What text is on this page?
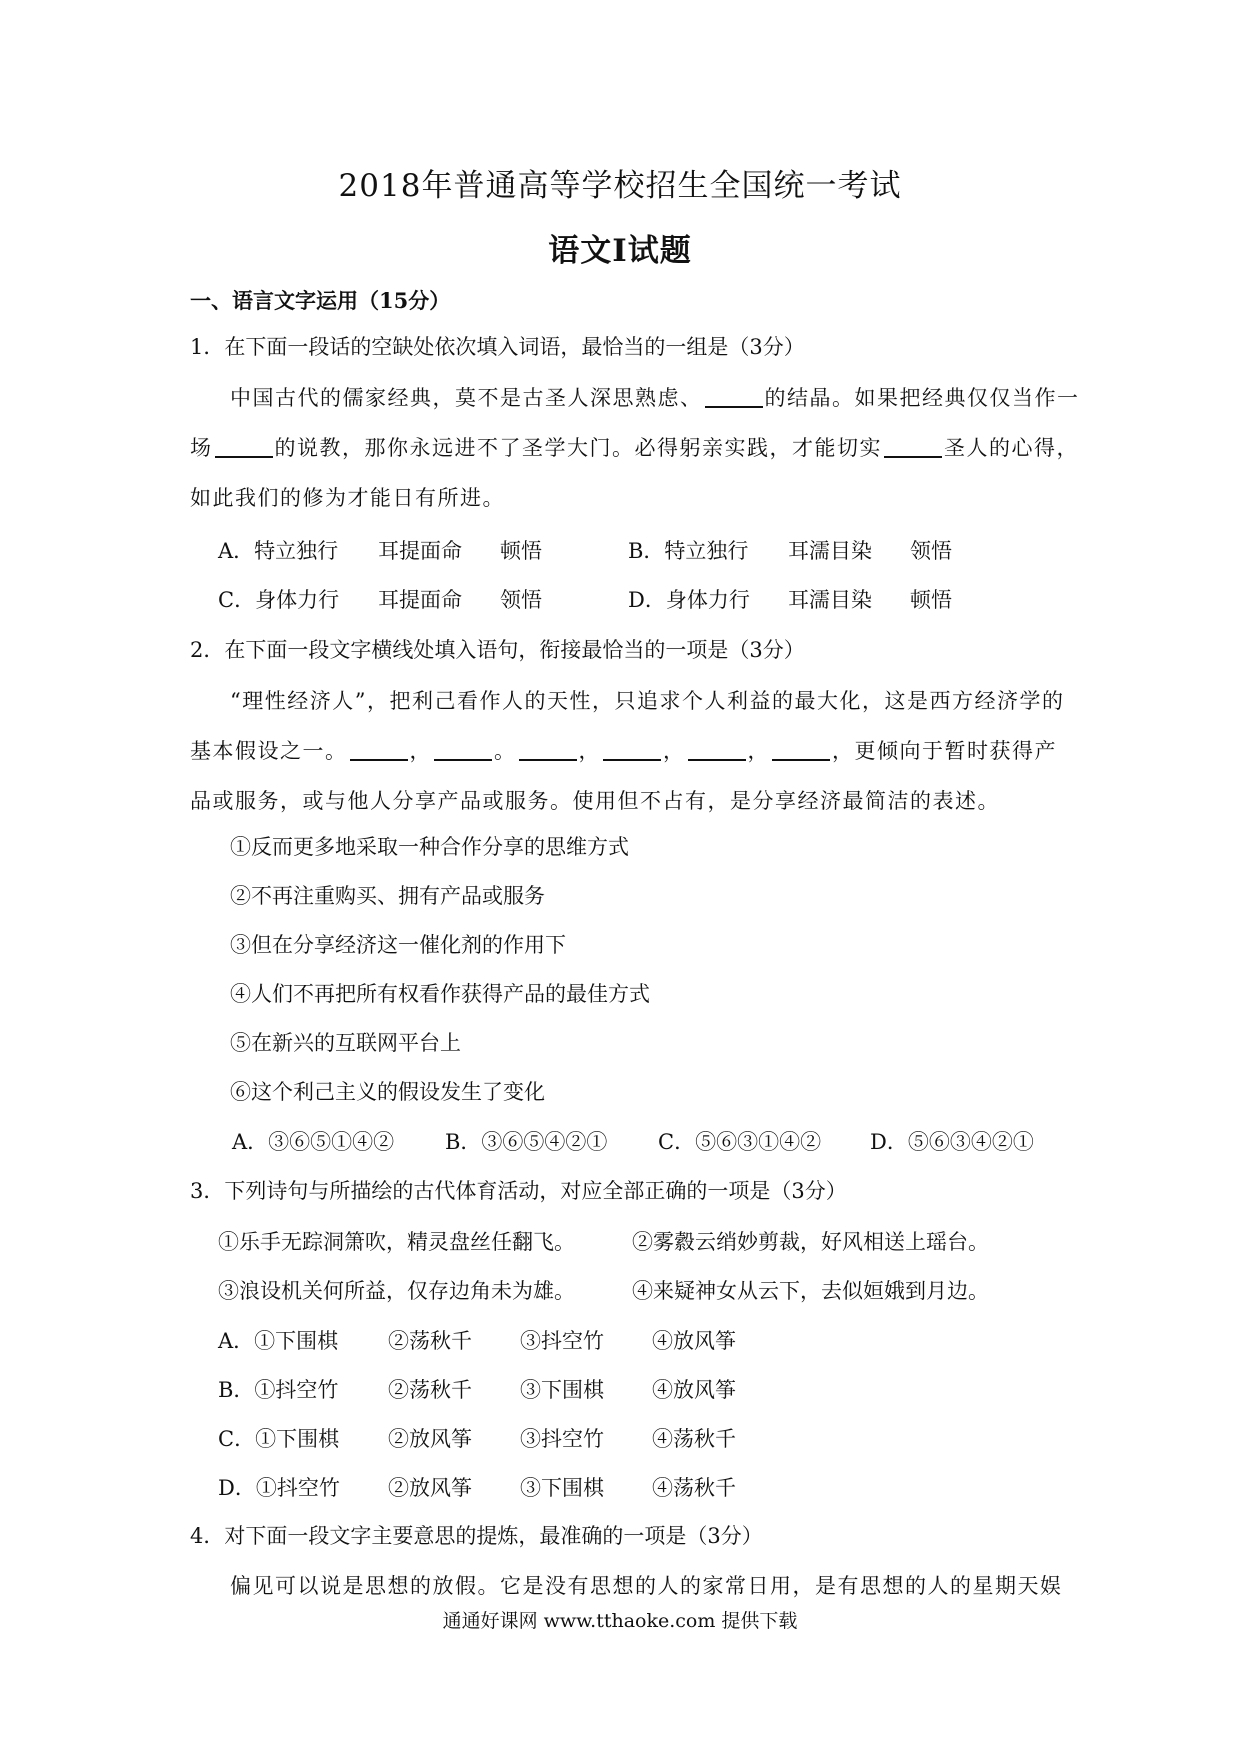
2018年普通高等学校招生全国统一考试
语文Ⅰ试题
一、语言文字运用（15分）
1．在下面一段话的空缺处依次填入词语，最恰当的一组是（3分）
中国古代的儒家经典，莫不是古圣人深思熟虑、	的结晶。如果把经典仅仅当作一
场	的说教，那你永远进不了圣学大门。必得躬亲实践，才能切实	圣人的心得，
如此我们的修为才能日有所进。
A．特立独行 耳提面命 顿悟	B．特立独行 耳濡目染 领悟
C．身体力行 耳提面命 领悟	D．身体力行 耳濡目染 顿悟
2．在下面一段文字横线处填入语句，衔接最恰当的一项是（3分）
“理性经济人”，把利己看作人的天性，只追求个人利益的最大化，这是西方经济学的
基本假设之一。	，	。	，	，	，	，更倾向于暂时获得产
品或服务，或与他人分享产品或服务。使用但不占有，是分享经济最简洁的表述。
①反而更多地采取一种合作分享的思维方式
②不再注重购买、拥有产品或服务
③但在分享经济这一催化剂的作用下
④人们不再把所有权看作获得产品的最佳方式
⑤在新兴的互联网平台上
⑥这个利己主义的假设发生了变化
A．③⑥⑤①④② B．③⑥⑤④②① C．⑤⑥③①④② D．⑤⑥③④②①
3．下列诗句与所描绘的古代体育活动，对应全部正确的一项是（3分）
①乐手无踪洞箫吹，精灵盘丝任翻飞。	②雾縠云绡妙剪裁，好风相送上瑶台。
③浪设机关何所益，仅存边角未为雄。	④来疑神女从云下，去似姮娥到月边。
A．①下围棋 ②荡秋千 ③抖空竹 ④放风筝
B．①抖空竹 ②荡秋千 ③下围棋 ④放风筝
C．①下围棋 ②放风筝 ③抖空竹 ④荡秋千
D．①抖空竹 ②放风筝 ③下围棋 ④荡秋千
4．对下面一段文字主要意思的提炼，最准确的一项是（3分）
偏见可以说是思想的放假。它是没有思想的人的家常日用，是有思想的人的星期天娱
通通好课网 www.tthaoke.com 提供下载
